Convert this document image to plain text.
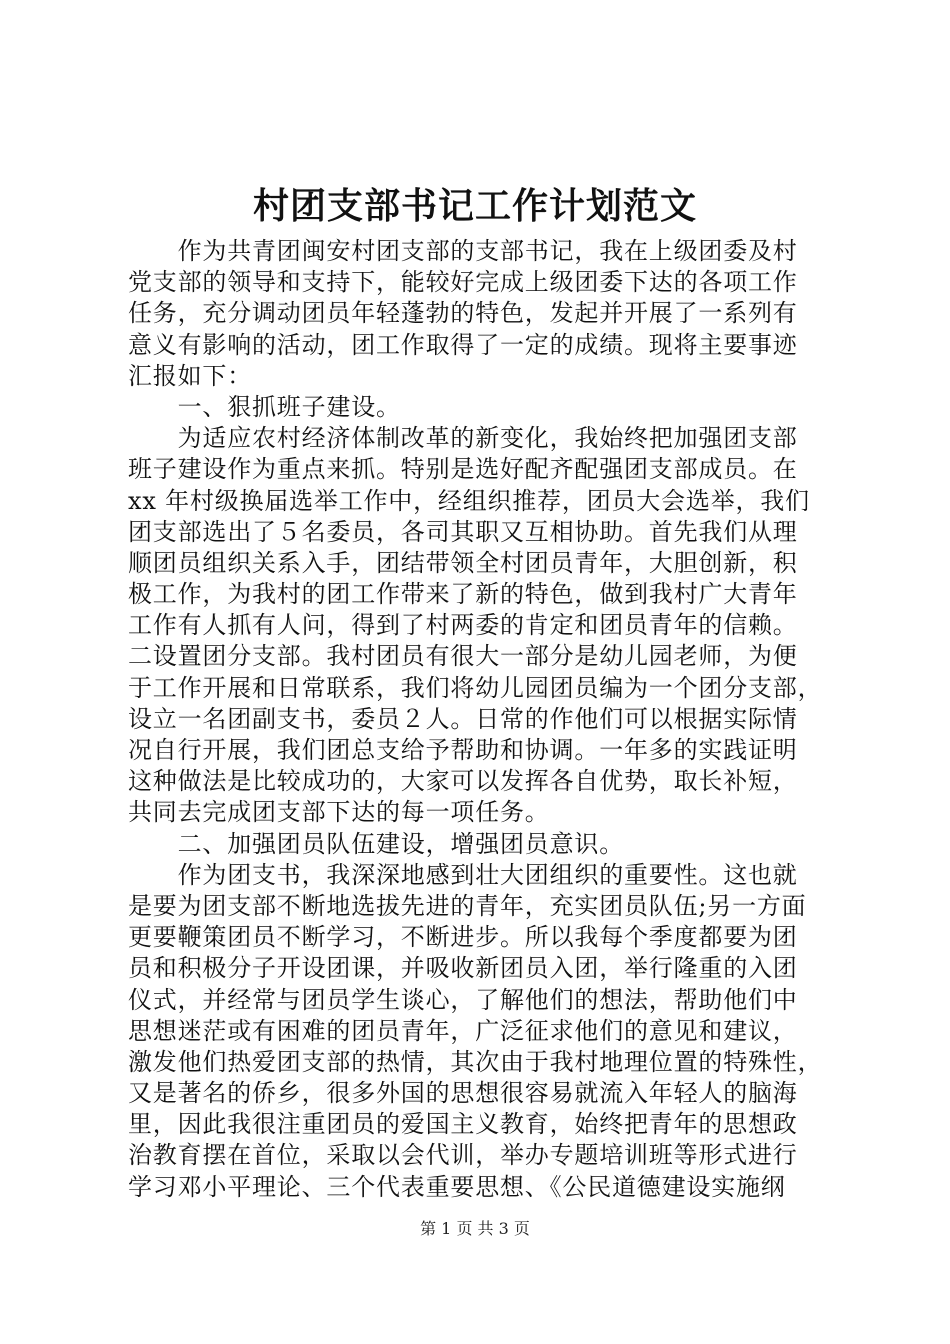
村团支部书记工作计划范文
　　作为共青团闽安村团支部的支部书记，我在上级团委及村
党支部的领导和支持下，能较好完成上级团委下达的各项工作
任务，充分调动团员年轻蓬勃的特色，发起并开展了一系列有
意义有影响的活动，团工作取得了一定的成绩。现将主要事迹
汇报如下：
　　一、狠抓班子建设。
　　为适应农村经济体制改革的新变化，我始终把加强团支部
班子建设作为重点来抓。特别是选好配齐配强团支部成员。在
xx 年村级换届选举工作中，经组织推荐，团员大会选举，我们
团支部选出了５名委员，各司其职又互相协助。首先我们从理
顺团员组织关系入手，团结带领全村团员青年，大胆创新，积
极工作，为我村的团工作带来了新的特色，做到我村广大青年
工作有人抓有人问，得到了村两委的肯定和团员青年的信赖。
二设置团分支部。我村团员有很大一部分是幼儿园老师，为便
于工作开展和日常联系，我们将幼儿园团员编为一个团分支部，
设立一名团副支书，委员２人。日常的作他们可以根据实际情
况自行开展，我们团总支给予帮助和协调。一年多的实践证明
这种做法是比较成功的，大家可以发挥各自优势，取长补短，
共同去完成团支部下达的每一项任务。
　　二、加强团员队伍建设，增强团员意识。
　　作为团支书，我深深地感到壮大团组织的重要性。这也就
是要为团支部不断地选拔先进的青年，充实团员队伍;另一方面
更要鞭策团员不断学习，不断进步。所以我每个季度都要为团
员和积极分子开设团课，并吸收新团员入团，举行隆重的入团
仪式，并经常与团员学生谈心，了解他们的想法，帮助他们中
思想迷茫或有困难的团员青年，广泛征求他们的意见和建议，
激发他们热爱团支部的热情，其次由于我村地理位置的特殊性，
又是著名的侨乡，很多外国的思想很容易就流入年轻人的脑海
里，因此我很注重团员的爱国主义教育，始终把青年的思想政
治教育摆在首位，采取以会代训，举办专题培训班等形式进行
学习邓小平理论、三个代表重要思想、《公民道德建设实施纲
第 1 页 共 3 页
